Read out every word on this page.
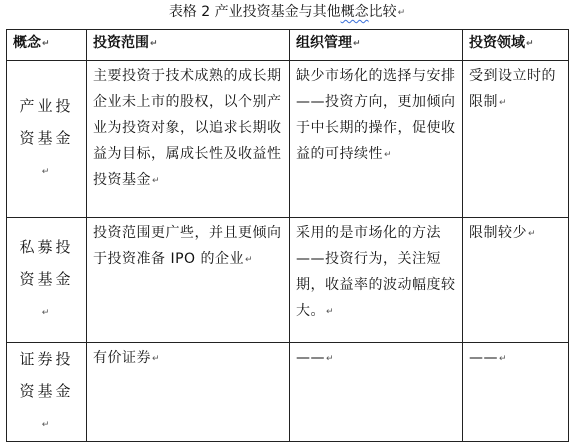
表格 2 产业投资基金与其他概念比较↵
概念↵	投资范围↵	组织管理↵	投资领域↵
产业投资基金↵	主要投资于技术成熟的成长期企业未上市的股权，以个别产业为投资对象，以追求长期收益为目标，属成长性及收益性投资基金↵	缺少市场化的选择与安排——投资方向，更加倾向于中长期的操作，促使收益的可持续性↵	受到设立时的限制↵
私募投资基金↵	投资范围更广些，并且更倾向于投资准备 IPO 的企业↵	采用的是市场化的方法——投资行为，关注短期，收益率的波动幅度较大。↵	限制较少↵
证券投资基金↵	有价证券↵	——↵	——↵
